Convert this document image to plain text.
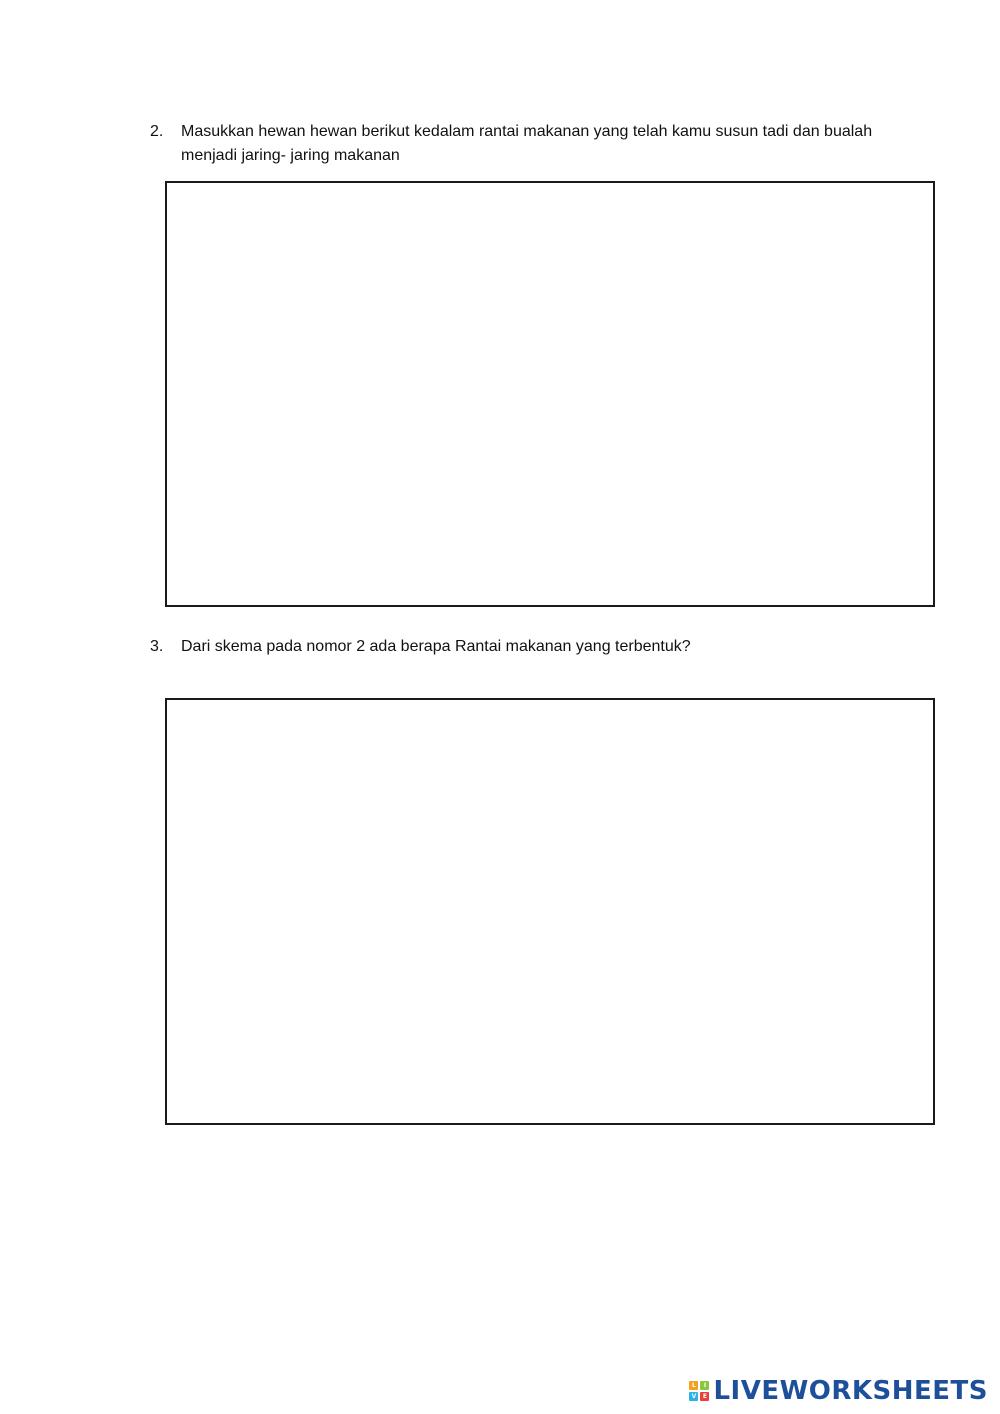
2.	Masukkan hewan hewan berikut kedalam rantai makanan yang telah kamu susun tadi dan bualah menjadi jaring- jaring makanan
3.	Dari skema pada nomor 2 ada berapa Rantai makanan yang terbentuk?
L	I
V	E LIVEWORKSHEETS
